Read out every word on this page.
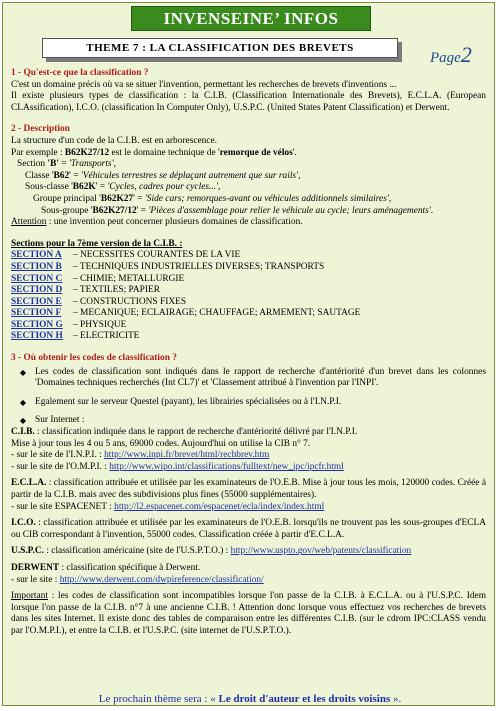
INVENSEINE’ INFOS
THEME 7 : LA CLASSIFICATION DES BREVETS
Page2

1 - Qu'est-ce que la classification ?

C'est un domaine précis où va se situer l'invention, permettant les recherches de brevets d'inventions ...

Il existe plusieurs types de classification : la C.I.B. (Classification Internationale des Brevets), E.C.L.A. (European CLAssification), I.C.O. (classification In Computer Only), U.S.P.C. (United States Patent Classification) et Derwent.

2 - Description

La structure d'un code de la C.I.B. est en arborescence.

Par exemple : B62K27/12 est le domaine technique de 'remorque de vélos'.

Section 'B' = 'Transports',

Classe 'B62' = 'Véhicules terrestres se déplaçant autrement que sur rails',

Sous-classe 'B62K' = 'Cycles, cadres pour cycles...',

Groupe principal 'B62K27' = 'Side cars; remorques-avant ou véhicules additionnels similaires',

Sous-groupe 'B62K27/12' = 'Pièces d'assemblage pour relier le véhicule au cycle; leurs aménagements'.

Attention : une invention peut concerner plusieurs domaines de classification.

Sections pour la 7ème version de la C.I.B. :

SECTION A	– NECESSITES COURANTES DE LA VIE
SECTION B	– TECHNIQUES INDUSTRIELLES DIVERSES; TRANSPORTS
SECTION C	– CHIMIE; METALLURGIE
SECTION D	– TEXTILES; PAPIER
SECTION E	– CONSTRUCTIONS FIXES
SECTION F	– MECANIQUE; ECLAIRAGE; CHAUFFAGE; ARMEMENT; SAUTAGE
SECTION G	– PHYSIQUE
SECTION H	– ELECTRICITE

3 - Où obtenir les codes de classification ?

◆ Les codes de classification sont indiqués dans le rapport de recherche d'antériorité d'un brevet dans les colonnes 'Domaines techniques recherchés (Int CL7)' et 'Classement attribué à l'invention par l'INPI'.
◆ Egalement sur le serveur Questel (payant), les librairies spécialisées ou à l'I.N.P.I.
◆ Sur Internet :

C.I.B. : classification indiquée dans le rapport de recherche d'antériorité délivré par l'I.N.P.I.

Mise à jour tous les 4 ou 5 ans, 69000 codes. Aujourd'hui on utilise la CIB n° 7.

- sur le site de l'I.N.P.I. : http://www.inpi.fr/brevet/html/rechbrev.htm

- sur le site de l'O.M.P.I. : http://www.wipo.int/classifications/fulltext/new_ipc/ipcfr.html

E.C.L.A. : classification attribuée et utilisée par les examinateurs de l'O.E.B. Mise à jour tous les mois, 120000 codes. Créée à partir de la C.I.B. mais avec des subdivisions plus fines (55000 supplémentaires).

- sur le site ESPACENET : http://l2.espacenet.com/espacenet/ecla/index/index.html

I.C.O. : classification attribuée et utilisée par les examinateurs de l'O.E.B. lorsqu'ils ne trouvent pas les sous-groupes d'ECLA ou CIB correspondant à l'invention, 55000 codes. Classification créée à partir d'E.C.L.A.

U.S.P.C. : classification américaine (site de l'U.S.P.T.O.) : http://www.uspto.gov/web/patents/classification

DERWENT : classification spécifique à Derwent.

- sur le site : http://www.derwent.com/dwpireference/classification/

Important : les codes de classification sont incompatibles lorsque l'on passe de la C.I.B. à E.C.L.A. ou à l'U.S.P.C. Idem lorsque l'on passe de la C.I.B. n°7 à une ancienne C.I.B. ! Attention donc lorsque vous effectuez vos recherches de brevets dans les sites Internet. Il existe donc des tables de comparaison entre les différentes C.I.B. (sur le cdrom IPC:CLASS vendu par l'O.M.P.I.), et entre la C.I.B. et l'U.S.P.C. (site internet de l'U.S.P.T.O.).

Le prochain thème sera : « Le droit d'auteur et les droits voisins ».
